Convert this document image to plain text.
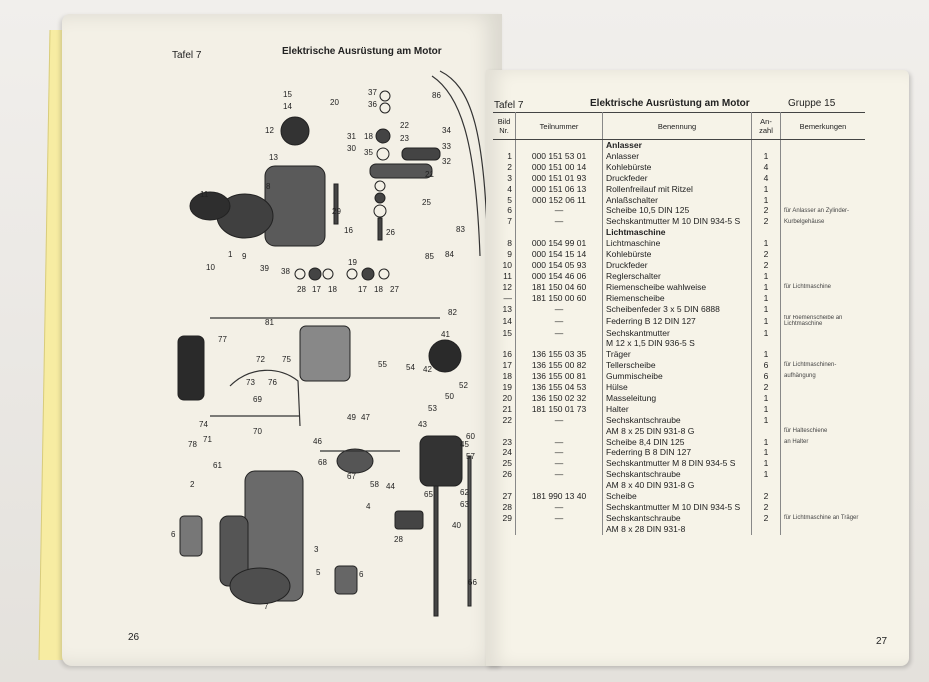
Tafel 7	Elektrische Ausrüstung am Motor
26
15
14	20
12
13
31
30
11
8
1 9
10	39 38
28 17 18
37
36
22
34
33
32
23
18
35
21
25
19
16
29
26
17 18 27
86
82
84
85
83
81
77
72
73
75
76
69
74
71
70
78
54
55
41
42
52
53
50
49 47
46
68
67
45
58 44
43
40
63
62
60
57
61
2
3
6
5
7
6
28
4
65
66
Tafel 7	Elektrische Ausrüstung am Motor	Gruppe 15
27
Bild Nr.	Teilnummer	Benennung	An- zahl	Bemerkungen
		Anlasser		
1	000 151 53 01	Anlasser	1	
2	000 151 00 14	Kohlebürste	4	
3	000 151 01 93	Druckfeder	4	
4	000 151 06 13	Rollenfreilauf mit Ritzel	1	
5	000 152 06 11	Anlaßschalter	1	
6	—	Scheibe 10,5 DIN 125	2	für Anlasser an Zylinder-
7	—	Sechskantmutter M 10 DIN 934-5 S	2	Kurbelgehäuse
		Lichtmaschine		
8	000 154 99 01	Lichtmaschine	1	
9	000 154 15 14	Kohlebürste	2	
10	000 154 05 93	Druckfeder	2	
11	000 154 46 06	Reglerschalter	1	
12	181 150 04 60	Riemenscheibe wahlweise	1	für Lichtmaschine
—	181 150 00 60	Riemenscheibe	1	
13	—	Scheibenfeder 3 x 5 DIN 6888	1	
14	—	Federring B 12 DIN 127	1	für Riemenscheibe an Lichtmaschine
15	—	Sechskantmutter	1	
		M 12 x 1,5 DIN 936-5 S		
16	136 155 03 35	Träger	1	
17	136 155 00 82	Tellerscheibe	6	für Lichtmaschinen-
18	136 155 00 81	Gummischeibe	6	aufhängung
19	136 155 04 53	Hülse	2	
20	136 150 02 32	Masseleitung	1	
21	181 150 01 73	Halter	1	
22	—	Sechskantschraube	1	
		AM 8 x 25 DIN 931-8 G		für Halteschiene
23	—	Scheibe 8,4 DIN 125	1	an Halter
24	—	Federring B 8 DIN 127	1	
25	—	Sechskantmutter M 8 DIN 934-5 S	1	
26	—	Sechskantschraube	1	
		AM 8 x 40 DIN 931-8 G		
27	181 990 13 40	Scheibe	2	
28	—	Sechskantmutter M 10 DIN 934-5 S	2	
29	—	Sechskantschraube	2	für Lichtmaschine an Träger
		AM 8 x 28 DIN 931-8		
